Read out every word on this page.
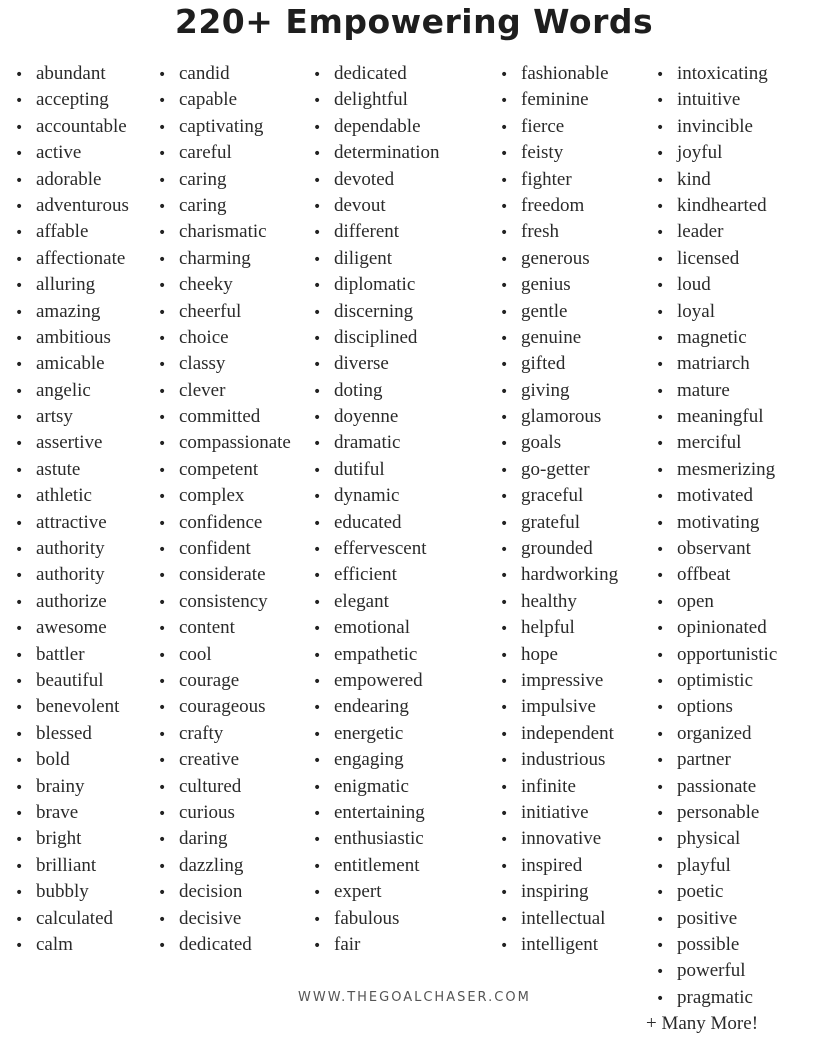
220+ Empowering Words
• abundant
• accepting
• accountable
• active
• adorable
• adventurous
• affable
• affectionate
• alluring
• amazing
• ambitious
• amicable
• angelic
• artsy
• assertive
• astute
• athletic
• attractive
• authority
• authority
• authorize
• awesome
• battler
• beautiful
• benevolent
• blessed
• bold
• brainy
• brave
• bright
• brilliant
• bubbly
• calculated
• calm
• candid
• capable
• captivating
• careful
• caring
• caring
• charismatic
• charming
• cheeky
• cheerful
• choice
• classy
• clever
• committed
• compassionate
• competent
• complex
• confidence
• confident
• considerate
• consistency
• content
• cool
• courage
• courageous
• crafty
• creative
• cultured
• curious
• daring
• dazzling
• decision
• decisive
• dedicated
• dedicated
• delightful
• dependable
• determination
• devoted
• devout
• different
• diligent
• diplomatic
• discerning
• disciplined
• diverse
• doting
• doyenne
• dramatic
• dutiful
• dynamic
• educated
• effervescent
• efficient
• elegant
• emotional
• empathetic
• empowered
• endearing
• energetic
• engaging
• enigmatic
• entertaining
• enthusiastic
• entitlement
• expert
• fabulous
• fair
• fashionable
• feminine
• fierce
• feisty
• fighter
• freedom
• fresh
• generous
• genius
• gentle
• genuine
• gifted
• giving
• glamorous
• goals
• go-getter
• graceful
• grateful
• grounded
• hardworking
• healthy
• helpful
• hope
• impressive
• impulsive
• independent
• industrious
• infinite
• initiative
• innovative
• inspired
• inspiring
• intellectual
• intelligent
• intoxicating
• intuitive
• invincible
• joyful
• kind
• kindhearted
• leader
• licensed
• loud
• loyal
• magnetic
• matriarch
• mature
• meaningful
• merciful
• mesmerizing
• motivated
• motivating
• observant
• offbeat
• open
• opinionated
• opportunistic
• optimistic
• options
• organized
• partner
• passionate
• personable
• physical
• playful
• poetic
• positive
• possible
• powerful
• pragmatic
WWW.THEGOALCHASER.COM
+ Many More!
